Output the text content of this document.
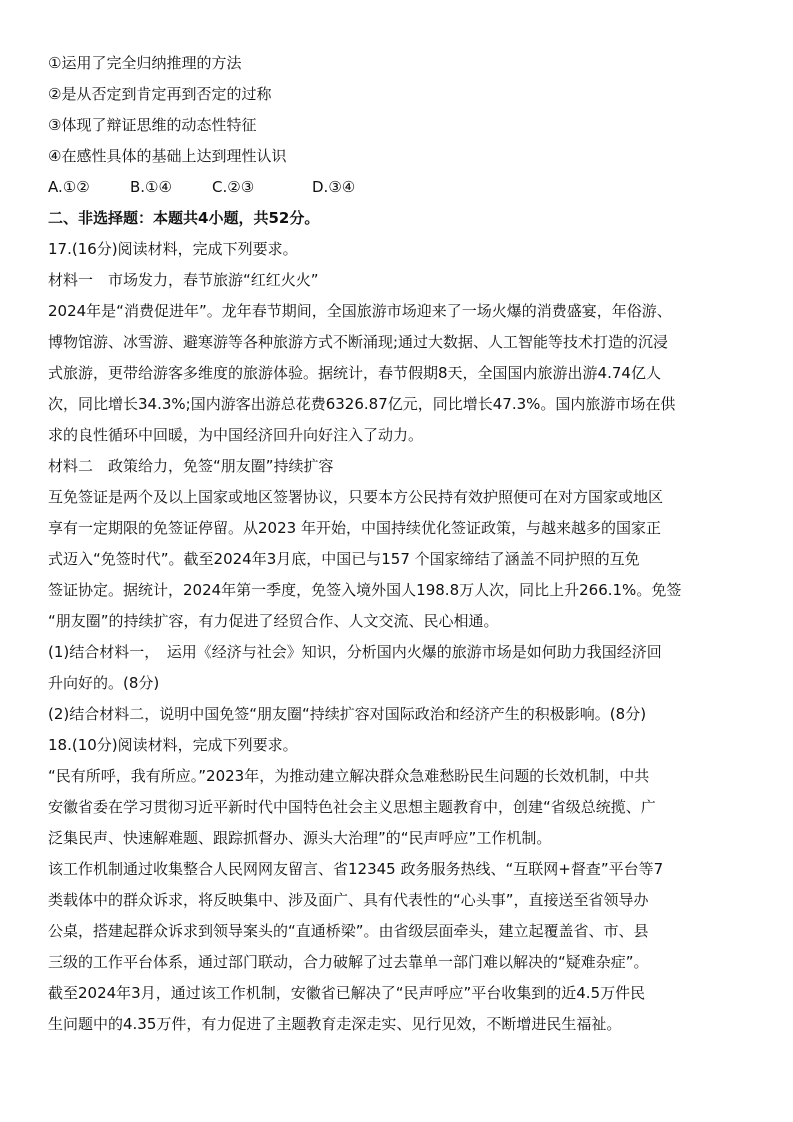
①运用了完全归纳推理的方法
②是从否定到肯定再到否定的过称
③体现了辩证思维的动态性特征
④在感性具体的基础上达到理性认识
A.①②	B.①④	C.②③	D.③④
二、非选择题：本题共4小题，共52分。
17.(16分)阅读材料，完成下列要求。
材料一　市场发力，春节旅游“红红火火”
2024年是“消费促进年”。龙年春节期间，全国旅游市场迎来了一场火爆的消费盛宴，年俗游、
博物馆游、冰雪游、避寒游等各种旅游方式不断涌现;通过大数据、人工智能等技术打造的沉浸
式旅游，更带给游客多维度的旅游体验。据统计，春节假期8天，全国国内旅游出游4.74亿人
次，同比增长34.3%;国内游客出游总花费6326.87亿元，同比增长47.3%。国内旅游市场在供
求的良性循环中回暖，为中国经济回升向好注入了动力。
材料二　政策给力，免签“朋友圈”持续扩容
互免签证是两个及以上国家或地区签署协议，只要本方公民持有效护照便可在对方国家或地区
享有一定期限的免签证停留。从2023 年开始，中国持续优化签证政策，与越来越多的国家正
式迈入“免签时代”。截至2024年3月底，中国已与157 个国家缔结了涵盖不同护照的互免
签证协定。据统计，2024年第一季度，免签入境外国人198.8万人次，同比上升266.1%。免签
“朋友圈”的持续扩容，有力促进了经贸合作、人文交流、民心相通。
(1)结合材料一，　运用《经济与社会》知识，分析国内火爆的旅游市场是如何助力我国经济回
升向好的。(8分)
(2)结合材料二，说明中国免签“朋友圈“持续扩容对国际政治和经济产生的积极影响。(8分)
18.(10分)阅读材料，完成下列要求。
“民有所呼，我有所应。”2023年，为推动建立解决群众急难愁盼民生问题的长效机制，中共
安徽省委在学习贯彻习近平新时代中国特色社会主义思想主题教育中，创建“省级总统揽、广
泛集民声、快速解难题、跟踪抓督办、源头大治理”的“民声呼应”工作机制。
该工作机制通过收集整合人民网网友留言、省12345 政务服务热线、“互联网+督查”平台等7
类载体中的群众诉求，将反映集中、涉及面广、具有代表性的“心头事”，直接送至省领导办
公桌，搭建起群众诉求到领导案头的“直通桥梁”。由省级层面牵头，建立起覆盖省、市、县
三级的工作平台体系，通过部门联动，合力破解了过去靠单一部门难以解决的“疑难杂症”。
截至2024年3月，通过该工作机制，安徽省已解决了“民声呼应”平台收集到的近4.5万件民
生问题中的4.35万件，有力促进了主题教育走深走实、见行见效，不断增进民生福祉。
